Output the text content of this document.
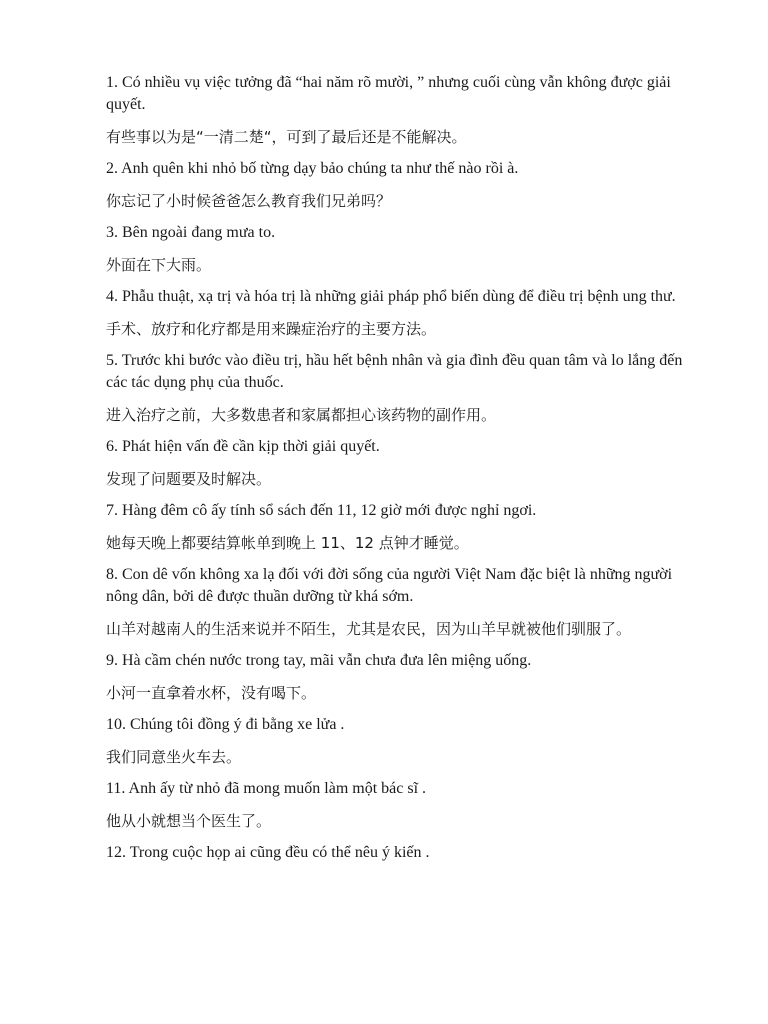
1. Có nhiều vụ việc tưởng đã “hai năm rõ mười, ” nhưng cuối cùng vẫn không được giải quyết.

有些事以为是“一清二楚“，可到了最后还是不能解决。

2. Anh quên khi nhỏ bố từng dạy bảo chúng ta như thế nào rồi à.

你忘记了小时候爸爸怎么教育我们兄弟吗？

3. Bên ngoài đang mưa to.

外面在下大雨。

4. Phẫu thuật, xạ trị và hóa trị là những giải pháp phổ biến dùng để điều trị bệnh ung thư.

手术、放疗和化疗都是用来躁症治疗的主要方法。

5. Trước khi bước vào điều trị, hầu hết bệnh nhân và gia đình đều quan tâm và lo lắng đến các tác dụng phụ của thuốc.

进入治疗之前，大多数患者和家属都担心该药物的副作用。

6. Phát hiện vấn đề cần kịp thời giải quyết.

发现了问题要及时解决。

7. Hàng đêm cô ấy tính sổ sách đến 11, 12 giờ mới được nghỉ ngơi.

她每天晚上都要结算帐单到晚上 11、12 点钟才睡觉。

8. Con dê vốn không xa lạ đối với đời sống của người Việt Nam đặc biệt là những người nông dân, bởi dê được thuần dưỡng từ khá sớm.

山羊对越南人的生活来说并不陌生，尤其是农民，因为山羊早就被他们驯服了。

9. Hà cầm chén nước trong tay, mãi vẫn chưa đưa lên miệng uống.

小河一直拿着水杯，没有喝下。

10. Chúng tôi đồng ý đi bằng xe lửa .

我们同意坐火车去。

11. Anh ấy từ nhỏ đã mong muốn làm một bác sĩ .

他从小就想当个医生了。

12. Trong cuộc họp ai cũng đều có thể nêu ý kiến .
